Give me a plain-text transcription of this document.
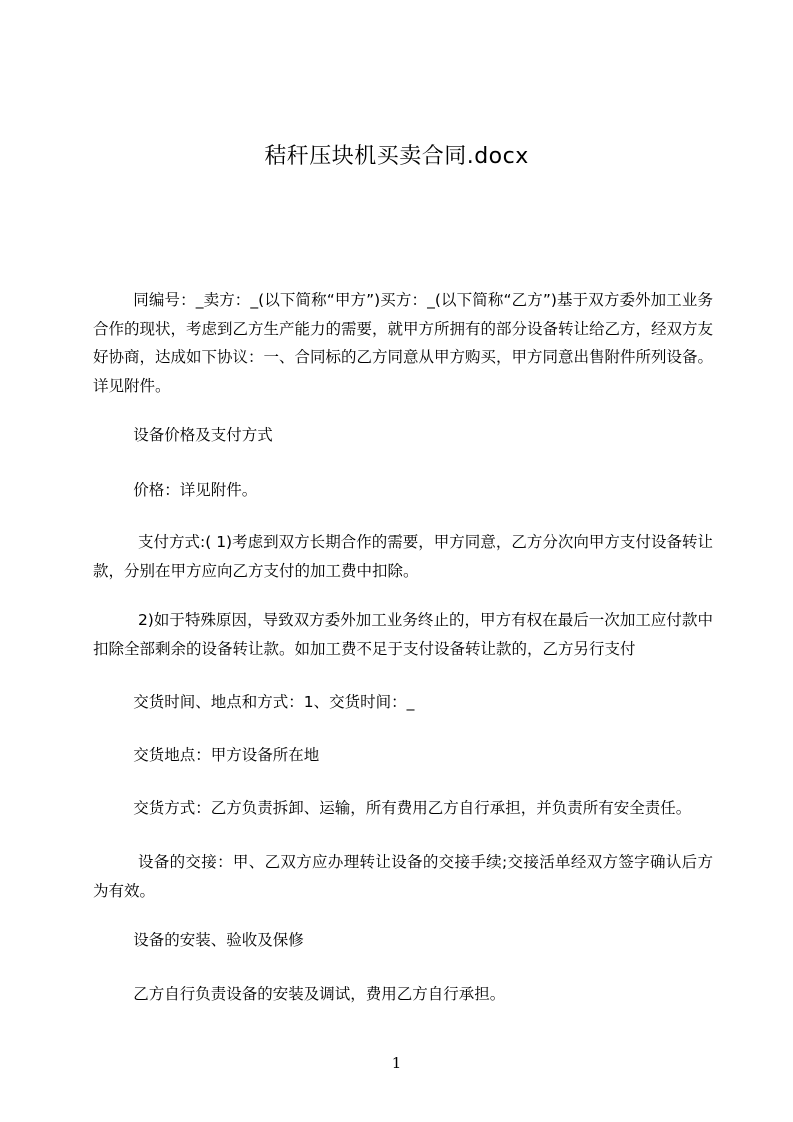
秸秆压块机买卖合同.docx

同编号：_卖方：_(以下简称“甲方”)买方：_(以下简称“乙方”)基于双方委外加工业务合作的现状，考虑到乙方生产能力的需要，就甲方所拥有的部分设备转让给乙方，经双方友好协商，达成如下协议：一、合同标的乙方同意从甲方购买，甲方同意出售附件所列设备。详见附件。

设备价格及支付方式

价格：详见附件。

支付方式:( 1)考虑到双方长期合作的需要，甲方同意，乙方分次向甲方支付设备转让款，分别在甲方应向乙方支付的加工费中扣除。

2)如于特殊原因，导致双方委外加工业务终止的，甲方有权在最后一次加工应付款中扣除全部剩余的设备转让款。如加工费不足于支付设备转让款的，乙方另行支付

交货时间、地点和方式：1、交货时间：_

交货地点：甲方设备所在地

交货方式：乙方负责拆卸、运输，所有费用乙方自行承担，并负责所有安全责任。

设备的交接：甲、乙双方应办理转让设备的交接手续;交接活单经双方签字确认后方为有效。

设备的安装、验收及保修

乙方自行负责设备的安装及调试，费用乙方自行承担。

1
